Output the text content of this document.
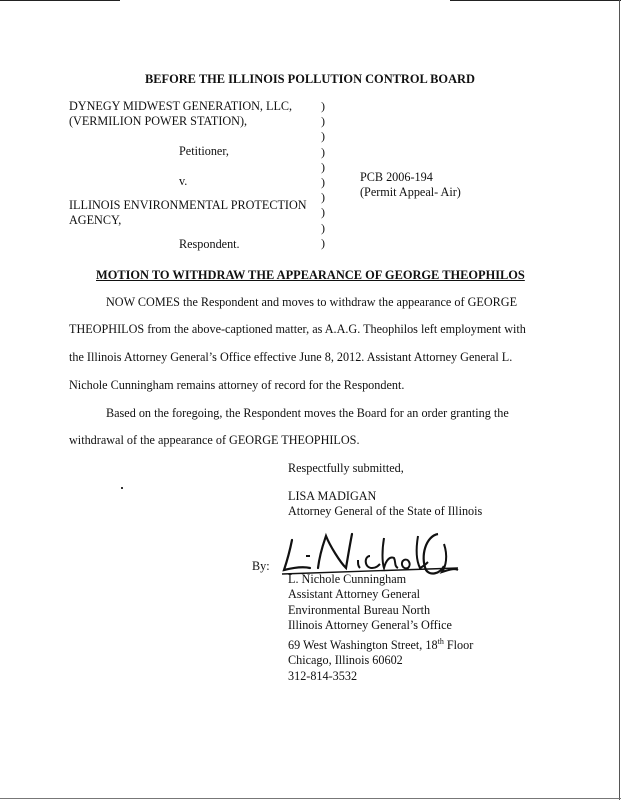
BEFORE THE ILLINOIS POLLUTION CONTROL BOARD
DYNEGY MIDWEST GENERATION, LLC,
(VERMILION POWER STATION),
Petitioner,
v.
ILLINOIS ENVIRONMENTAL PROTECTION
AGENCY,
Respondent.
)
)
)
)
)
)
)
)
)
)
PCB 2006-194
(Permit Appeal- Air)
MOTION TO WITHDRAW THE APPEARANCE OF GEORGE THEOPHILOS
NOW COMES the Respondent and moves to withdraw the appearance of GEORGE
THEOPHILOS from the above-captioned matter, as A.A.G. Theophilos left employment with
the Illinois Attorney General’s Office effective June 8, 2012. Assistant Attorney General L.
Nichole Cunningham remains attorney of record for the Respondent.
Based on the foregoing, the Respondent moves the Board for an order granting the
withdrawal of the appearance of GEORGE THEOPHILOS.
Respectfully submitted,
LISA MADIGAN
Attorney General of the State of Illinois
By:
L. Nichole Cunningham
Assistant Attorney General
Environmental Bureau North
Illinois Attorney General’s Office
69 West Washington Street, 18th Floor
Chicago, Illinois 60602
312-814-3532
